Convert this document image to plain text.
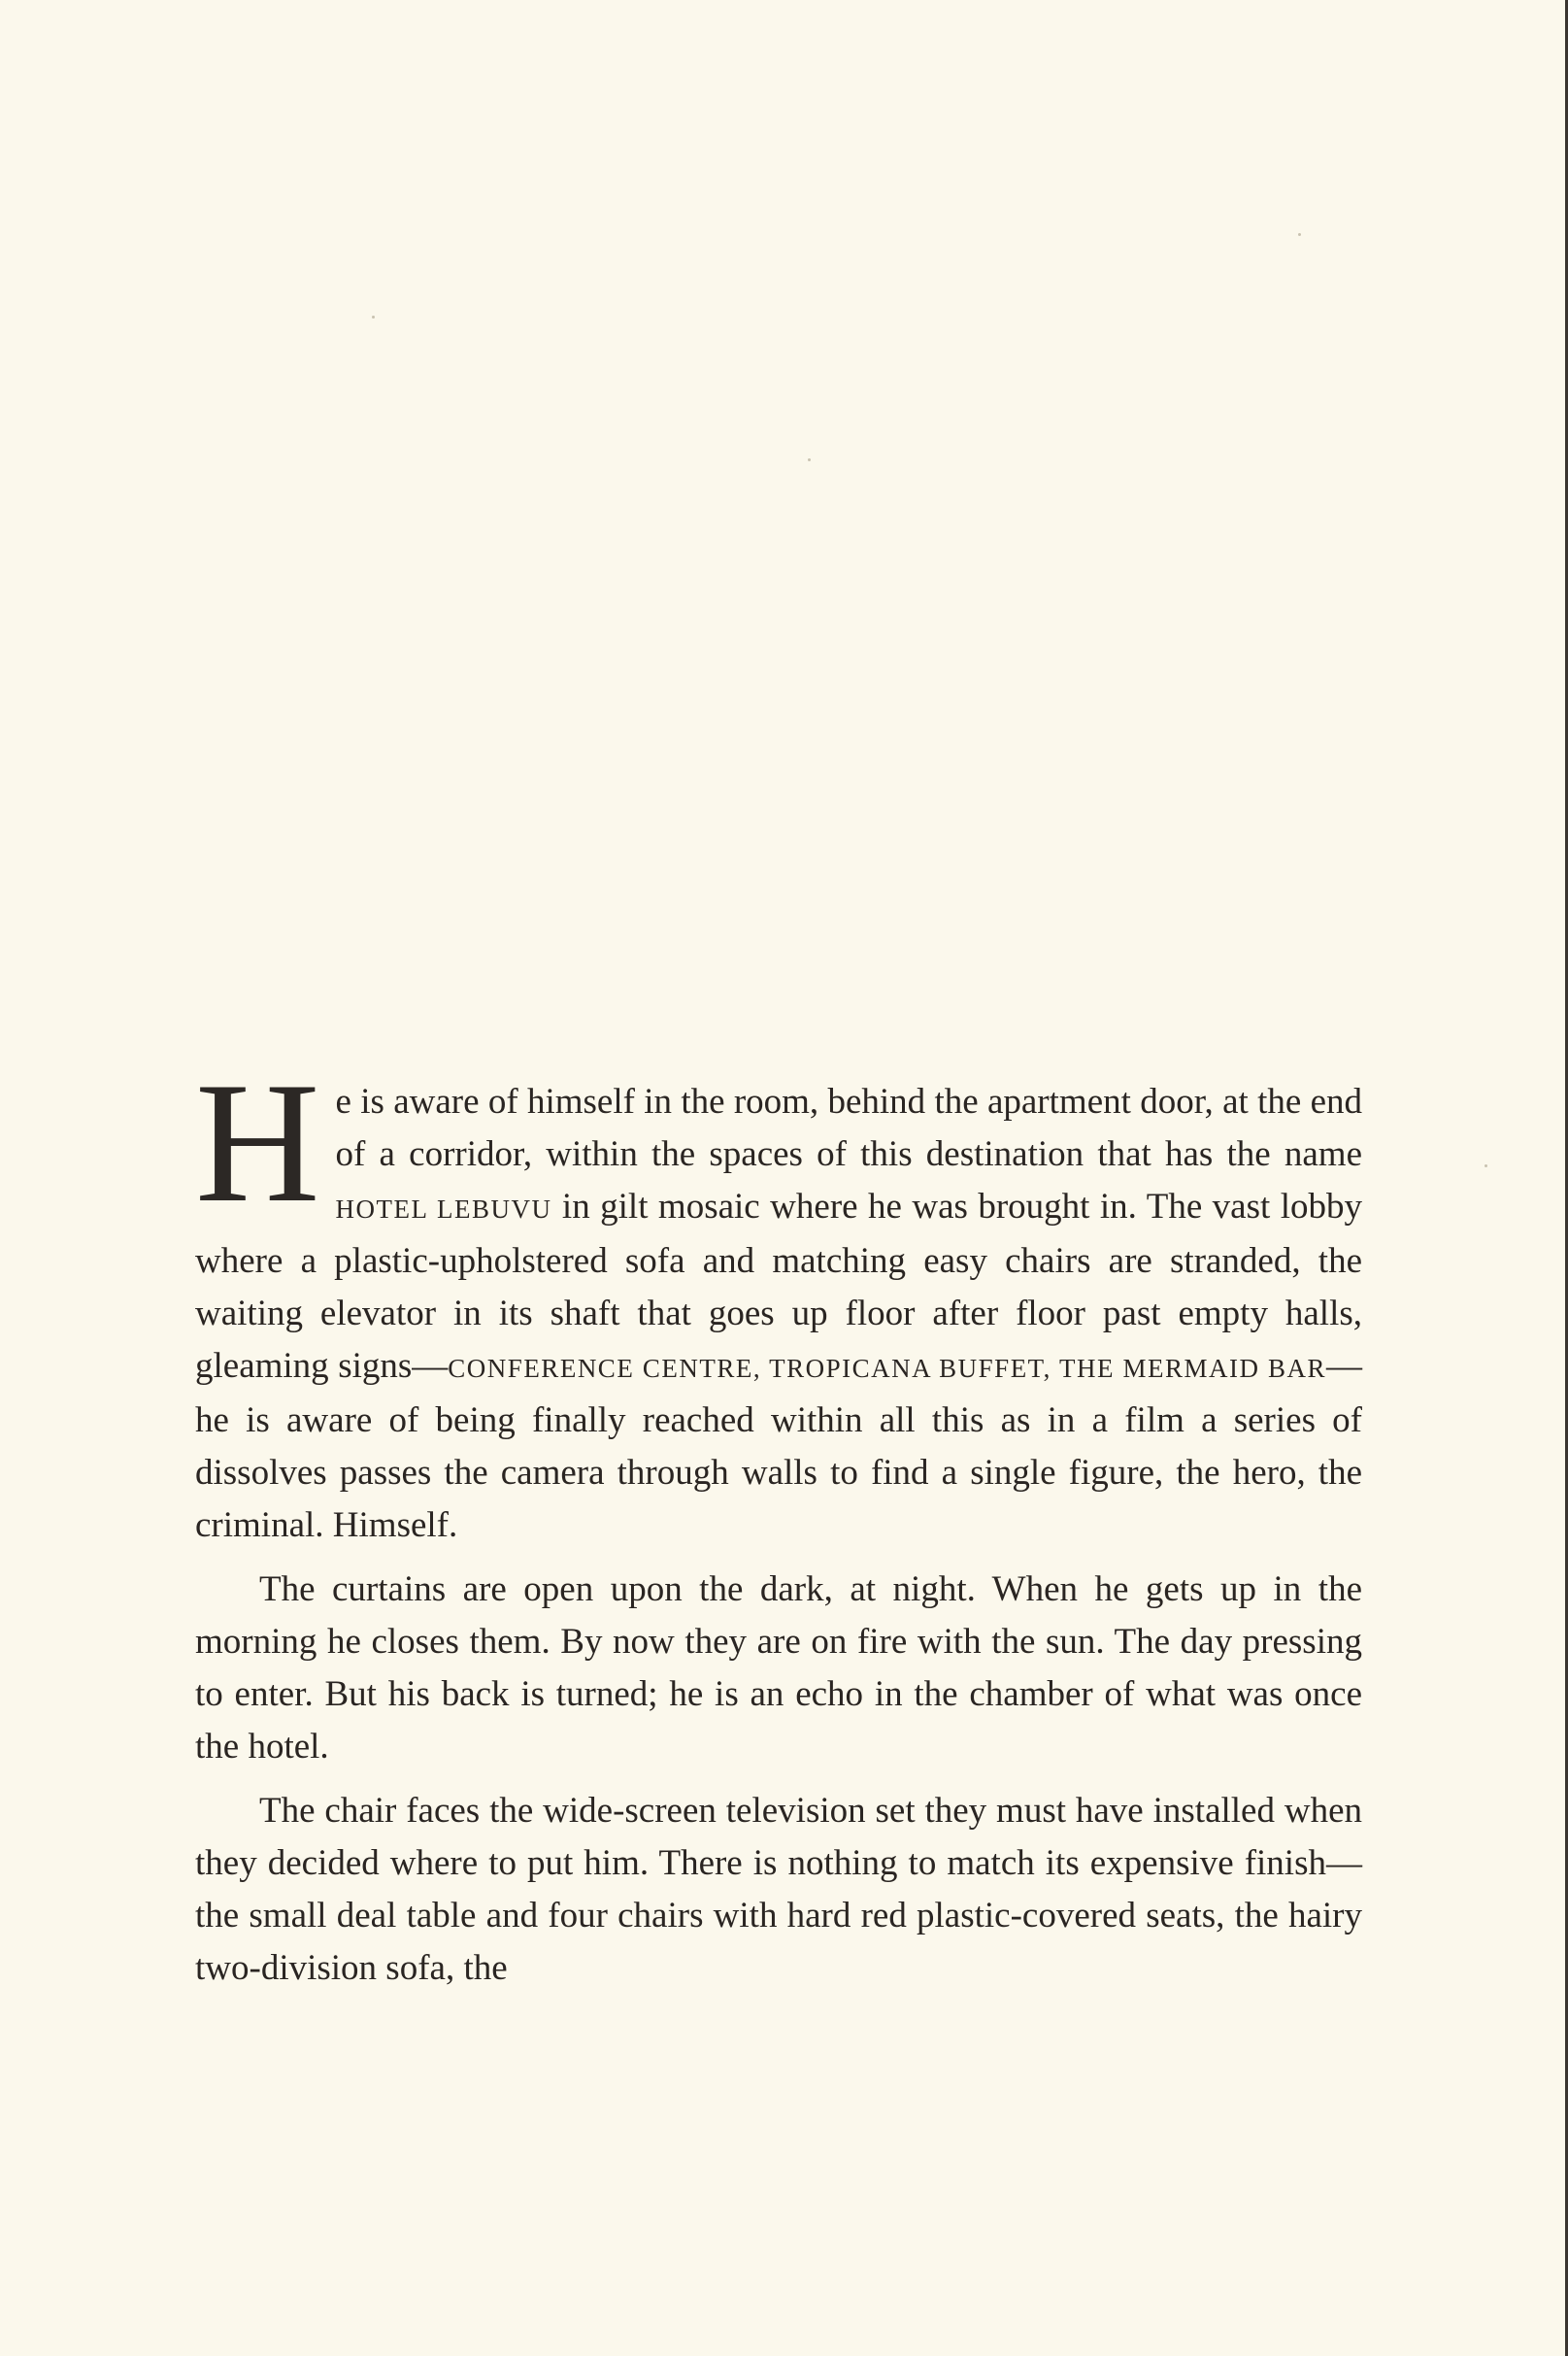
He is aware of himself in the room, behind the apartment door, at the end of a corridor, within the spaces of this destination that has the name HOTEL LEBUVU in gilt mosaic where he was brought in. The vast lobby where a plastic-upholstered sofa and matching easy chairs are stranded, the waiting elevator in its shaft that goes up floor after floor past empty halls, gleaming signs—CONFERENCE CENTRE, TROPICANA BUFFET, THE MERMAID BAR—he is aware of being finally reached within all this as in a film a series of dissolves passes the camera through walls to find a single figure, the hero, the criminal. Himself.

The curtains are open upon the dark, at night. When he gets up in the morning he closes them. By now they are on fire with the sun. The day pressing to enter. But his back is turned; he is an echo in the chamber of what was once the hotel.

The chair faces the wide-screen television set they must have installed when they decided where to put him. There is nothing to match its expensive finish—the small deal table and four chairs with hard red plastic-covered seats, the hairy two-division sofa, the
